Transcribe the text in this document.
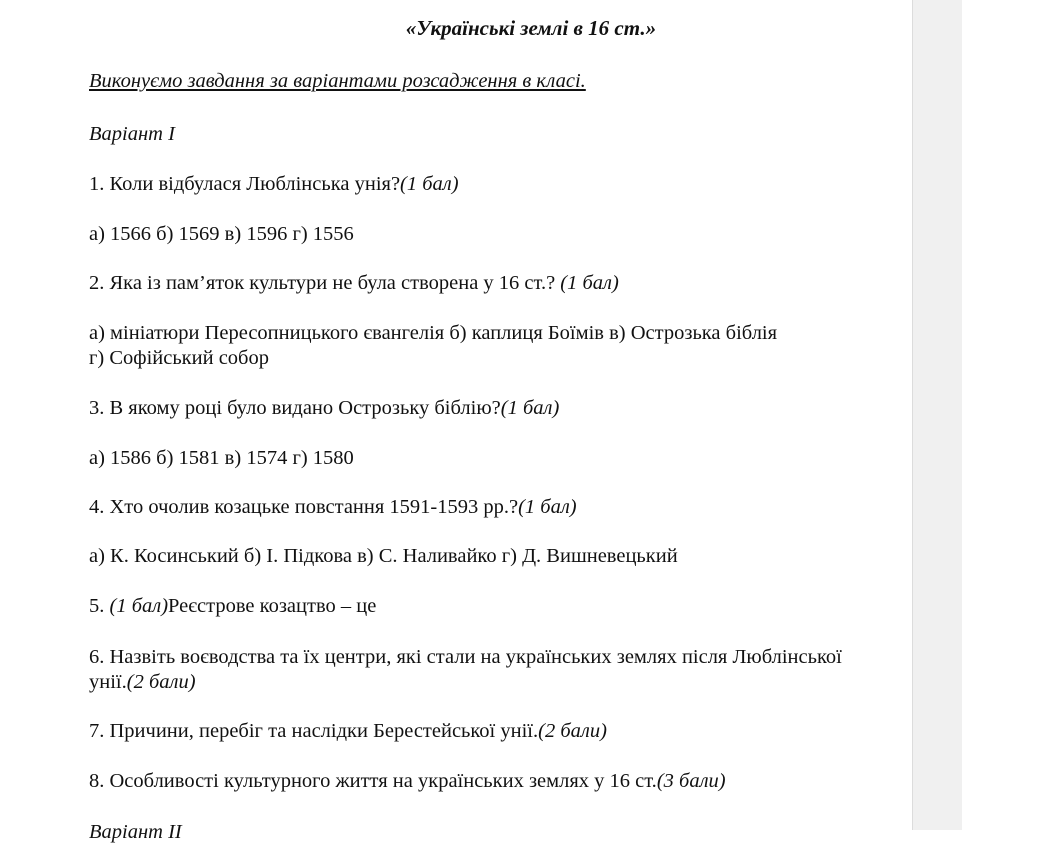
«Українські землі в 16 ст.»
Виконуємо завдання за варіантами розсадження в класі.
Варіант І
1. Коли відбулася Люблінська унія?(1 бал)
а) 1566 б) 1569 в) 1596 г) 1556
2. Яка із пам’яток культури не була створена у 16 ст.? (1 бал)
а) мініатюри Пересопницького євангелія б) каплиця Боїмів в) Острозька біблія
г) Софійський собор
3. В якому році було видано Острозьку біблію?(1 бал)
а) 1586 б) 1581 в) 1574 г) 1580
4. Хто очолив козацьке повстання 1591-1593 рр.?(1 бал)
а) К. Косинський б) І. Підкова в) С. Наливайко г) Д. Вишневецький
5. (1 бал)Реєстрове козацтво – це
6. Назвіть воєводства та їх центри, які стали на українських землях після Люблінської
унії.(2 бали)
7. Причини, перебіг та наслідки Берестейської унії.(2 бали)
8. Особливості культурного життя на українських землях у 16 ст.(3 бали)
Варіант ІІ
